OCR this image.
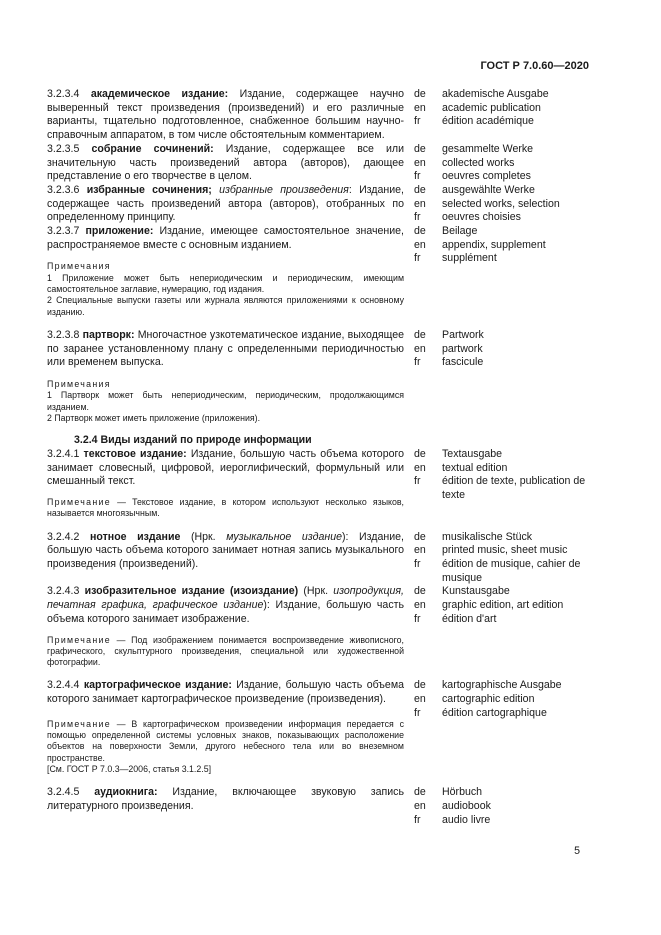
ГОСТ Р 7.0.60—2020
3.2.3.4 академическое издание: Издание, содержащее научно выверенный текст произведения (произведений) и его различные варианты, тщательно подготовленное, снабженное большим научно-справочным аппаратом, в том числе обстоятельным комментарием.
de	akademische Ausgabe
en	academic publication
fr	édition académique
3.2.3.5 собрание сочинений: Издание, содержащее все или значительную часть произведений автора (авторов), дающее представление о его творчестве в целом.
de	gesammelte Werke
en	collected works
fr	oeuvres completes
3.2.3.6 избранные сочинения; избранные произведения: Издание, содержащее часть произведений автора (авторов), отобранных по определенному принципу.
de	ausgewählte Werke
en	selected works, selection
fr	oeuvres choisies
3.2.3.7 приложение: Издание, имеющее самостоятельное значение, распространяемое вместе с основным изданием.
Примечания
1 Приложение может быть непериодическим и периодическим, имеющим самостоятельное заглавие, нумерацию, год издания.
2 Специальные выпуски газеты или журнала являются приложениями к основному изданию.
de	Beilage
en	appendix, supplement
fr	supplément
3.2.3.8 партворк: Многочастное узкотематическое издание, выходящее по заранее установленному плану с определенными периодичностью или временем выпуска.
Примечания
1 Партворк может быть непериодическим, периодическим, продолжающимся изданием.
2 Партворк может иметь приложение (приложения).
de	Partwork
en	partwork
fr	fascicule
3.2.4 Виды изданий по природе информации
3.2.4.1 текстовое издание: Издание, большую часть объема которого занимает словесный, цифровой, иероглифический, формульный или смешанный текст.
Примечание — Текстовое издание, в котором используют несколько языков, называется многоязычным.
de	Textausgabe
en	textual edition
fr	édition de texte, publication de texte
3.2.4.2 нотное издание (Нрк. музыкальное издание): Издание, большую часть объема которого занимает нотная запись музыкального произведения (произведений).
de	musikalische Stück
en	printed music, sheet music
fr	édition de musique, cahier de musique
3.2.4.3 изобразительное издание (изоиздание) (Нрк. изопродукция, печатная графика, графическое издание): Издание, большую часть объема которого занимает изображение.
Примечание — Под изображением понимается воспроизведение живописного, графического, скульптурного произведения, специальной или художественной фотографии.
de	Kunstausgabe
en	graphic edition, art edition
fr	édition d'art
3.2.4.4 картографическое издание: Издание, большую часть объема которого занимает картографическое произведение (произведения).
Примечание — В картографическом произведении информация передается с помощью определенной системы условных знаков, показывающих расположение объектов на поверхности Земли, другого небесного тела или во внеземном пространстве.
[См. ГОСТ Р 7.0.3—2006, статья 3.1.2.5]
de	kartographische Ausgabe
en	cartographic edition
fr	édition cartographique
3.2.4.5 аудиокнига: Издание, включающее звуковую запись литературного произведения.
de	Hörbuch
en	audiobook
fr	audio livre
5
